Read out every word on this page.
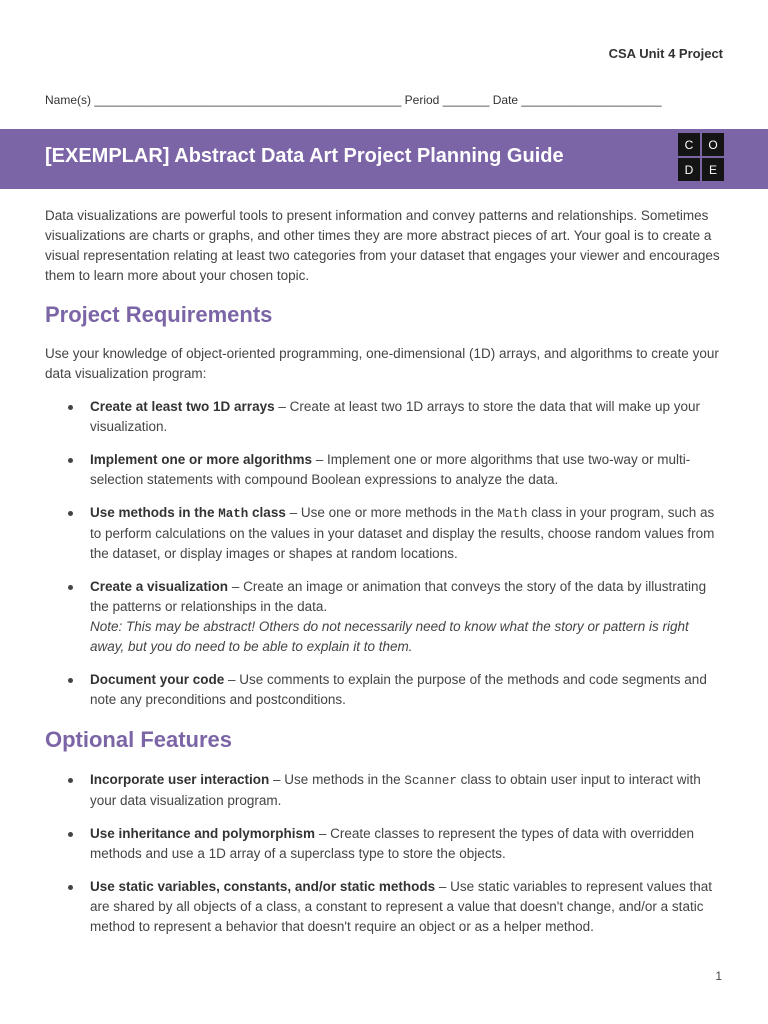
CSA Unit 4 Project
Name(s) ______________________________________________ Period _______ Date _____________________
[EXEMPLAR] Abstract Data Art Project Planning Guide
C	O
D	E

Data visualizations are powerful tools to present information and convey patterns and relationships. Sometimes visualizations are charts or graphs, and other times they are more abstract pieces of art. Your goal is to create a visual representation relating at least two categories from your dataset that engages your viewer and encourages them to learn more about your chosen topic.

Project Requirements

Use your knowledge of object-oriented programming, one-dimensional (1D) arrays, and algorithms to create your data visualization program:

Create at least two 1D arrays – Create at least two 1D arrays to store the data that will make up your visualization.
Implement one or more algorithms – Implement one or more algorithms that use two-way or multi-selection statements with compound Boolean expressions to analyze the data.
Use methods in the Math class – Use one or more methods in the Math class in your program, such as to perform calculations on the values in your dataset and display the results, choose random values from the dataset, or display images or shapes at random locations.
Create a visualization – Create an image or animation that conveys the story of the data by illustrating the patterns or relationships in the data.
Note: This may be abstract! Others do not necessarily need to know what the story or pattern is right away, but you do need to be able to explain it to them.
Document your code – Use comments to explain the purpose of the methods and code segments and note any preconditions and postconditions.
Optional Features
Incorporate user interaction – Use methods in the Scanner class to obtain user input to interact with your data visualization program.
Use inheritance and polymorphism – Create classes to represent the types of data with overridden methods and use a 1D array of a superclass type to store the objects.
Use static variables, constants, and/or static methods – Use static variables to represent values that are shared by all objects of a class, a constant to represent a value that doesn't change, and/or a static method to represent a behavior that doesn't require an object or as a helper method.
1
